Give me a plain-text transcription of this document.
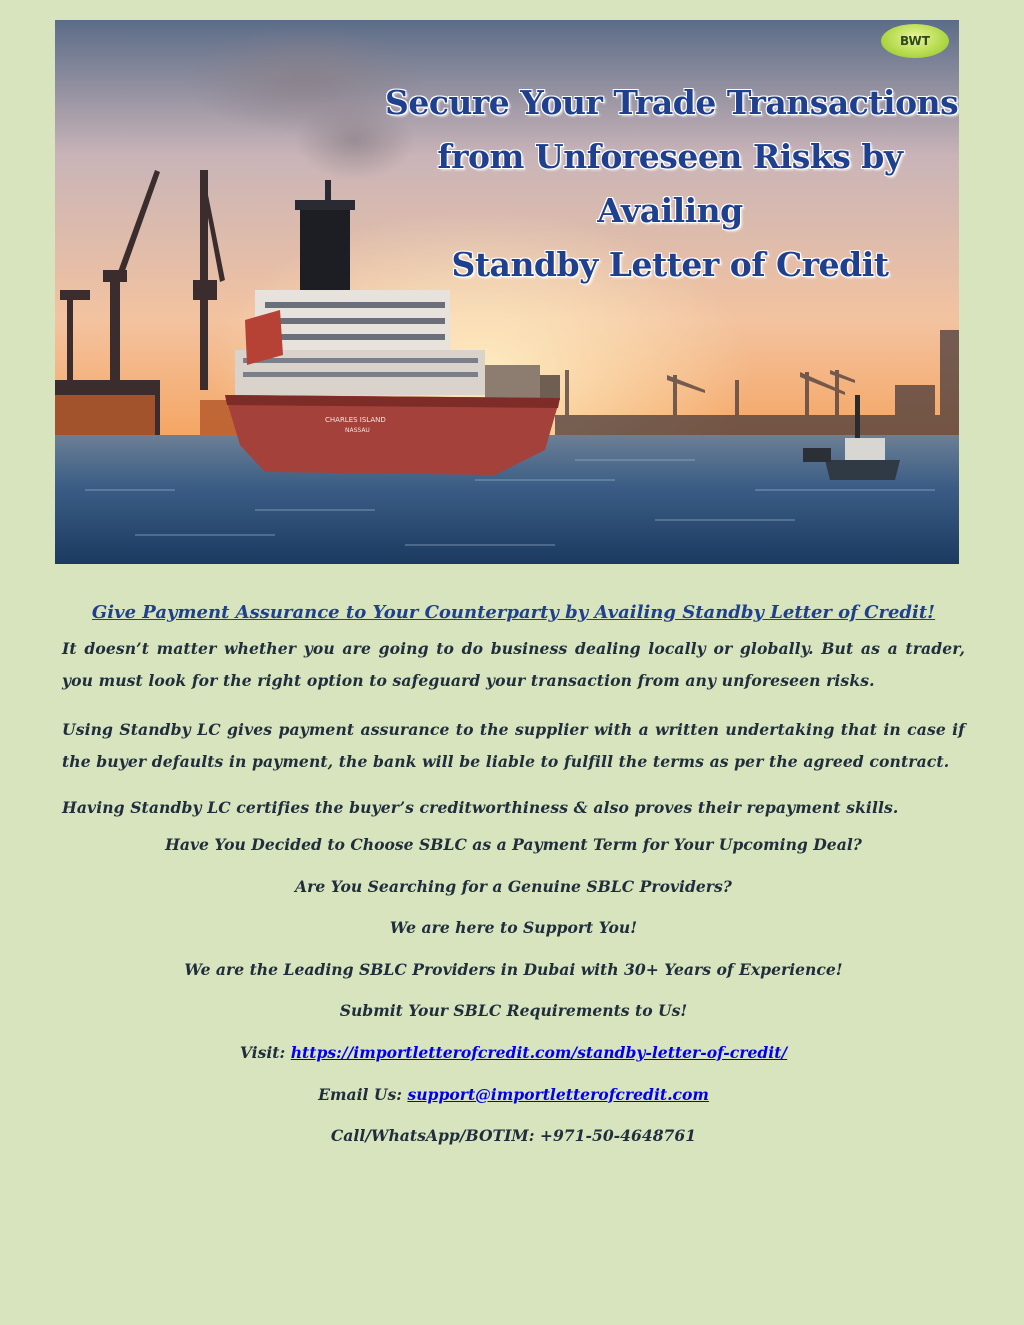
CHARLES ISLAND
NASSAU
Secure Your Trade Transactions
from Unforeseen Risks by
Availing
Standby Letter of Credit
BWT
Give Payment Assurance to Your Counterparty by Availing Standby Letter of Credit!

It doesn’t matter whether you are going to do business dealing locally or globally. But as a trader, you must look for the right option to safeguard your transaction from any unforeseen risks.

Using Standby LC gives payment assurance to the supplier with a written undertaking that in case if the buyer defaults in payment, the bank will be liable to fulfill the terms as per the agreed contract.

Having Standby LC certifies the buyer’s creditworthiness & also proves their repayment skills.

Have You Decided to Choose SBLC as a Payment Term for Your Upcoming Deal?
Are You Searching for a Genuine SBLC Providers?
We are here to Support You!
We are the Leading SBLC Providers in Dubai with 30+ Years of Experience!
Submit Your SBLC Requirements to Us!
Visit: https://importletterofcredit.com/standby-letter-of-credit/
Email Us: support@importletterofcredit.com
Call/WhatsApp/BOTIM: +971-50-4648761
